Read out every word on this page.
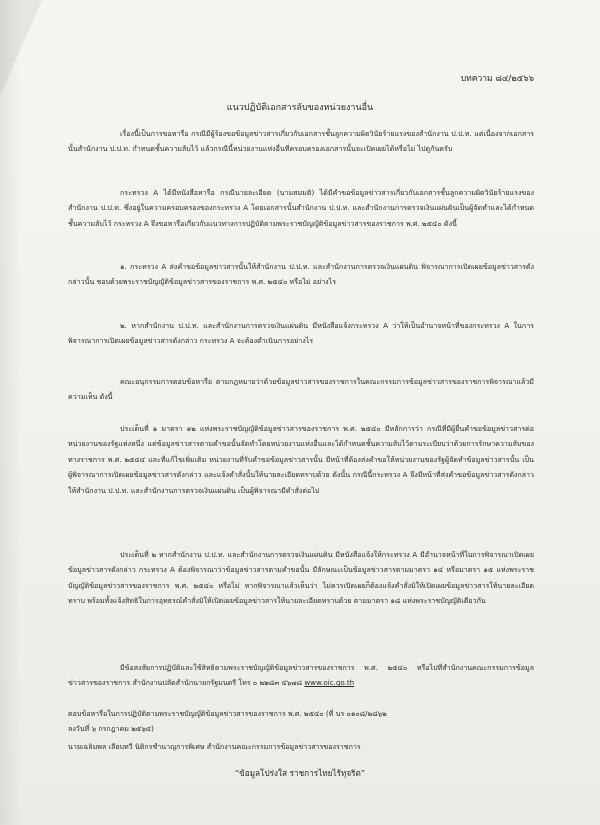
บทความ ๘๔/๒๕๖๖
แนวปฏิบัติเอกสารลับของหน่วยงานอื่น

เรื่องนี้เป็นการขอหารือ กรณีมีผู้ร้องขอข้อมูลข่าวสารเกี่ยวกับเอกสารชั้นลูกความผิดวินัยร้ายแรงของสำนักงาน ป.ป.ท. แต่เนื่องจากเอกสารนั้นสำนักงาน ป.ป.ท. กำหนดชั้นความลับไว้ แล้วกรณีนี้หน่วยงานแห่งอื่นที่ครอบครองเอกสารนั้นจะเปิดเผยได้หรือไม่ ไปดูกันครับ

กระทรวง A ได้มีหนังสือหารือ กรณีนายละเอียด (นามสมมติ) ได้มีคำขอข้อมูลข่าวสารเกี่ยวกับเอกสารชั้นลูกความผิดวินัยร้ายแรงของสำนักงาน ป.ป.ท. ซึ่งอยู่ในความครอบครองของกระทรวง A โดยเอกสารนั้นสำนักงาน ป.ป.ท. และสำนักงานการตรวจเงินแผ่นดินเป็นผู้จัดทำและได้กำหนดชั้นความลับไว้ กระทรวง A จึงขอหารือเกี่ยวกับแนวทางการปฏิบัติตามพระราชบัญญัติข้อมูลข่าวสารของราชการ พ.ศ. ๒๕๔๐ ดังนี้

๑. กระทรวง A ส่งคำขอข้อมูลข่าวสารนั้นให้สำนักงาน ป.ป.ท. และสำนักงานการตรวจเงินแผ่นดิน พิจารณาการเปิดเผยข้อมูลข่าวสารดังกล่าวนั้น ชอบด้วยพระราชบัญญัติข้อมูลข่าวสารของราชการ พ.ศ. ๒๕๔๐ หรือไม่ อย่างไร

๒. หากสำนักงาน ป.ป.ท. และสำนักงานการตรวจเงินแผ่นดิน มีหนังสือแจ้งกระทรวง A ว่าให้เป็นอำนาจหน้าที่ของกระทรวง A ในการพิจารณาการเปิดเผยข้อมูลข่าวสารดังกล่าว กระทรวง A จะต้องดำเนินการอย่างไร

คณะอนุกรรมการตอบข้อหารือ ตามกฎหมายว่าด้วยข้อมูลข่าวสารของราชการในคณะกรรมการข้อมูลข่าวสารของราชการพิจารณาแล้วมีความเห็น ดังนี้

ประเด็นที่ ๑ มาตรา ๑๒ แห่งพระราชบัญญัติข้อมูลข่าวสารของราชการ พ.ศ. ๒๕๔๐ มีหลักการว่า กรณีที่มีผู้ยื่นคำขอข้อมูลข่าวสารต่อหน่วยงานของรัฐแห่งหนึ่ง แต่ข้อมูลข่าวสารตามคำขอนั้นจัดทำโดยหน่วยงานแห่งอื่นและได้กำหนดชั้นความลับไว้ตามระเบียบว่าด้วยการรักษาความลับของทางราชการ พ.ศ. ๒๕๔๔ และที่แก้ไขเพิ่มเติม หน่วยงานที่รับคำขอข้อมูลข่าวสารนั้น มีหน้าที่ต้องส่งคำขอให้หน่วยงานของรัฐผู้จัดทำข้อมูลข่าวสารนั้น เป็นผู้พิจารณาการเปิดเผยข้อมูลข่าวสารดังกล่าว และแจ้งคำสั่งนั้นให้นายละเอียดทราบด้วย ดังนั้น กรณีนี้กระทรวง A จึงมีหน้าที่ส่งคำขอข้อมูลข่าวสารดังกล่าวให้สำนักงาน ป.ป.ท. และสำนักงานการตรวจเงินแผ่นดิน เป็นผู้พิจารณามีคำสั่งต่อไป

ประเด็นที่ ๒ หากสำนักงาน ป.ป.ท. และสำนักงานการตรวจเงินแผ่นดิน มีหนังสือแจ้งให้กระทรวง A มีอำนาจหน้าที่ในการพิจารณาเปิดเผยข้อมูลข่าวสารดังกล่าว กระทรวง A ต้องพิจารณาว่าข้อมูลข่าวสารตามคำขอนั้น มีลักษณะเป็นข้อมูลข่าวสารตามมาตรา ๑๔ หรือมาตรา ๑๕ แห่งพระราชบัญญัติข้อมูลข่าวสารของราชการ พ.ศ. ๒๕๔๐ หรือไม่ หากพิจารณาแล้วเห็นว่า ไม่ควรเปิดเผยก็ต้องแจ้งคำสั่งมิให้เปิดเผยข้อมูลข่าวสารให้นายละเอียดทราบ พร้อมทั้งแจ้งสิทธิในการอุทธรณ์คำสั่งมิให้เปิดเผยข้อมูลข่าวสารให้นายละเอียดทราบด้วย ตามมาตรา ๑๘ แห่งพระราชบัญญัติเดียวกัน

มีข้อสงสัยการปฏิบัติและใช้สิทธิตามพระราชบัญญัติข้อมูลข่าวสารของราชการ พ.ศ. ๒๕๔๐ หรือไปที่สำนักงานคณะกรรมการข้อมูลข่าวสารของราชการ สำนักงานปลัดสำนักนายกรัฐมนตรี โทร ๐ ๒๒๘๓ ๔๖๗๘ www.oic.go.th

ตอบข้อหารือในการปฏิบัติตามพระราชบัญญัติข้อมูลข่าวสารของราชการ พ.ศ. ๒๕๔๐ (ที่ นร ๐๑๐๘/๒๘๖๒
ลงวันที่ ๖ กรกฎาคม ๒๕๖๔)

นายเฉลิมพล เลียบทวี นิติกรชำนาญการพิเศษ สำนักงานคณะกรรมการข้อมูลข่าวสารของราชการ

“ข้อมูลโปร่งใส ราชการไทยไร้ทุจริต”
